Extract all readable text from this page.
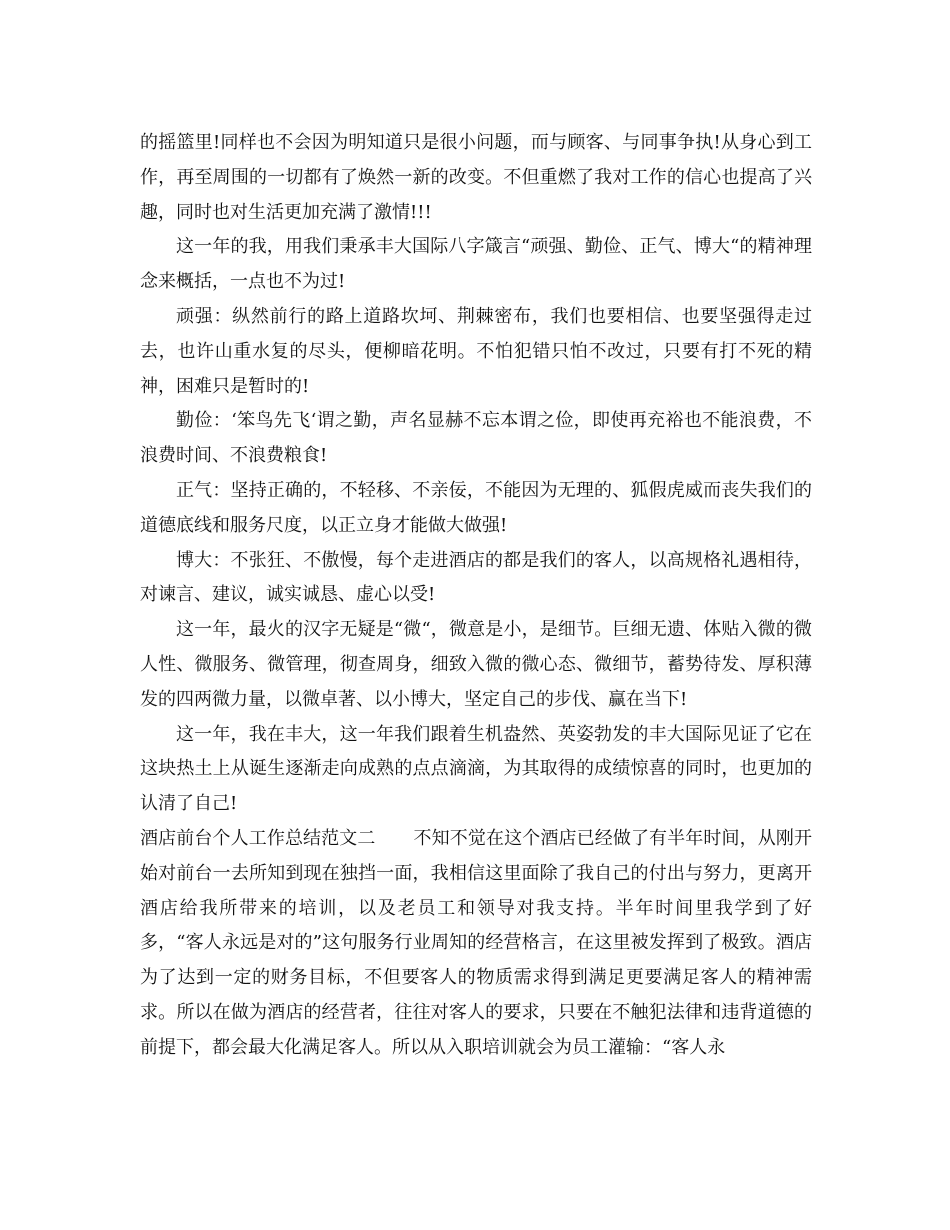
的摇篮里!同样也不会因为明知道只是很小问题，而与顾客、与同事争执!从身心到工作，再至周围的一切都有了焕然一新的改变。不但重燃了我对工作的信心也提高了兴趣，同时也对生活更加充满了激情!!!

这一年的我，用我们秉承丰大国际八字箴言“顽强、勤俭、正气、博大“的精神理念来概括，一点也不为过!

顽强：纵然前行的路上道路坎坷、荆棘密布，我们也要相信、也要坚强得走过去，也许山重水复的尽头，便柳暗花明。不怕犯错只怕不改过，只要有打不死的精神，困难只是暂时的!

勤俭：‘笨鸟先飞‘谓之勤，声名显赫不忘本谓之俭，即使再充裕也不能浪费，不浪费时间、不浪费粮食!

正气：坚持正确的，不轻移、不亲佞，不能因为无理的、狐假虎威而丧失我们的道德底线和服务尺度，以正立身才能做大做强!

博大：不张狂、不傲慢，每个走进酒店的都是我们的客人，以高规格礼遇相待，对谏言、建议，诚实诚恳、虚心以受!

这一年，最火的汉字无疑是“微“，微意是小，是细节。巨细无遗、体贴入微的微人性、微服务、微管理，彻查周身，细致入微的微心态、微细节，蓄势待发、厚积薄发的四两微力量，以微卓著、以小博大，坚定自己的步伐、赢在当下!

这一年，我在丰大，这一年我们跟着生机盎然、英姿勃发的丰大国际见证了它在这块热土上从诞生逐渐走向成熟的点点滴滴，为其取得的成绩惊喜的同时，也更加的认清了自己!

酒店前台个人工作总结范文二 不知不觉在这个酒店已经做了有半年时间，从刚开始对前台一去所知到现在独挡一面，我相信这里面除了我自己的付出与努力，更离开酒店给我所带来的培训，以及老员工和领导对我支持。半年时间里我学到了好多，“客人永远是对的”这句服务行业周知的经营格言，在这里被发挥到了极致。酒店为了达到一定的财务目标，不但要客人的物质需求得到满足更要满足客人的精神需求。所以在做为酒店的经营者，往往对客人的要求，只要在不触犯法律和违背道德的前提下，都会最大化满足客人。所以从入职培训就会为员工灌输：“客人永
